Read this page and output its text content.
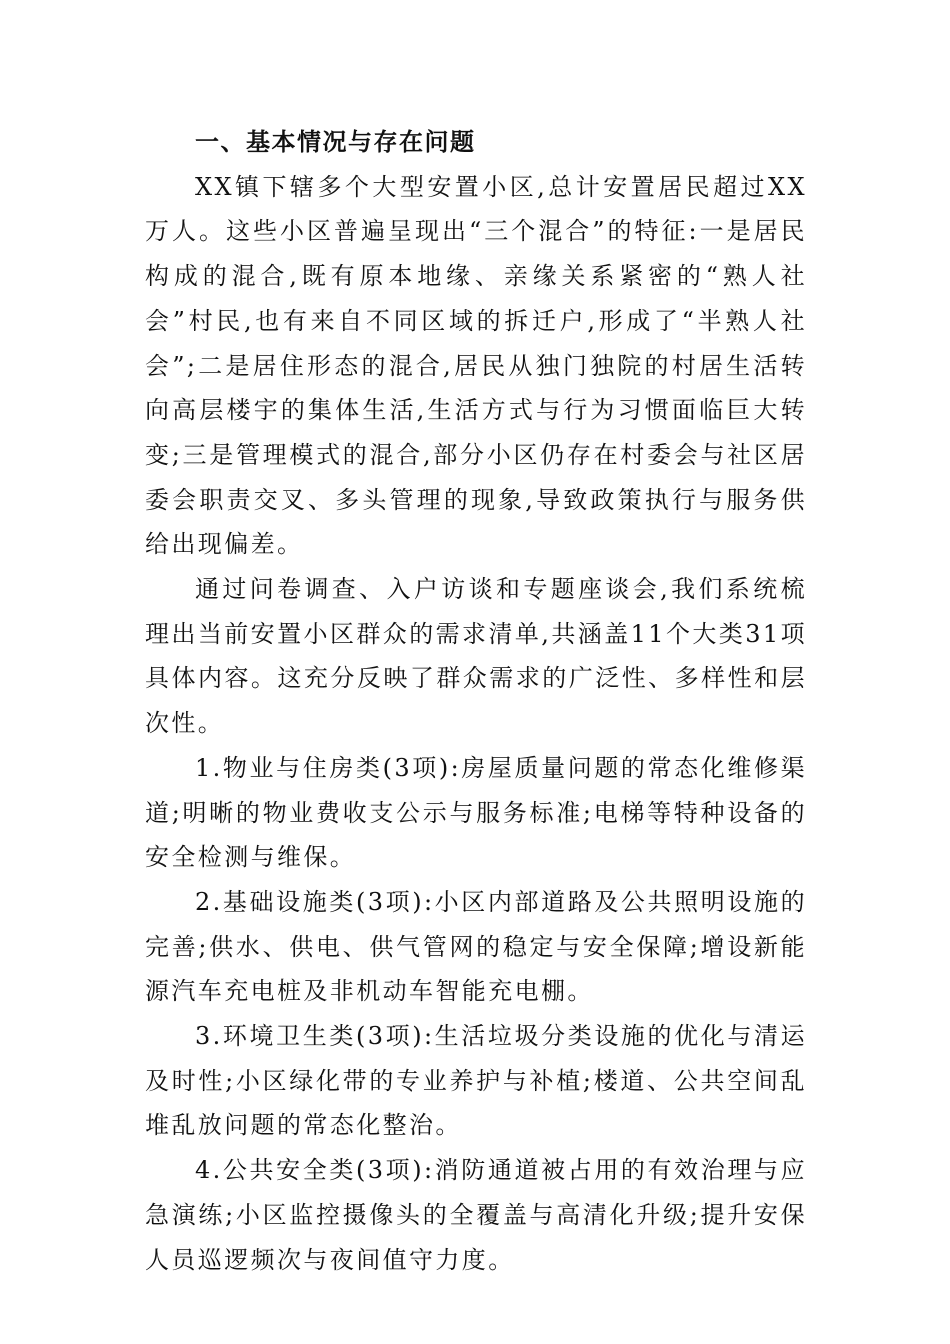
一、基本情况与存在问题

XX镇下辖多个大型安置小区,总计安置居民超过XX万人。这些小区普遍呈现出“三个混合”的特征:一是居民构成的混合,既有原本地缘、亲缘关系紧密的“熟人社会”村民,也有来自不同区域的拆迁户,形成了“半熟人社会”;二是居住形态的混合,居民从独门独院的村居生活转向高层楼宇的集体生活,生活方式与行为习惯面临巨大转变;三是管理模式的混合,部分小区仍存在村委会与社区居委会职责交叉、多头管理的现象,导致政策执行与服务供给出现偏差。

通过问卷调查、入户访谈和专题座谈会,我们系统梳理出当前安置小区群众的需求清单,共涵盖11个大类31项具体内容。这充分反映了群众需求的广泛性、多样性和层次性。

1.物业与住房类(3项):房屋质量问题的常态化维修渠道;明晰的物业费收支公示与服务标准;电梯等特种设备的安全检测与维保。

2.基础设施类(3项):小区内部道路及公共照明设施的完善;供水、供电、供气管网的稳定与安全保障;增设新能源汽车充电桩及非机动车智能充电棚。

3.环境卫生类(3项):生活垃圾分类设施的优化与清运及时性;小区绿化带的专业养护与补植;楼道、公共空间乱堆乱放问题的常态化整治。

4.公共安全类(3项):消防通道被占用的有效治理与应急演练;小区监控摄像头的全覆盖与高清化升级;提升安保人员巡逻频次与夜间值守力度。
